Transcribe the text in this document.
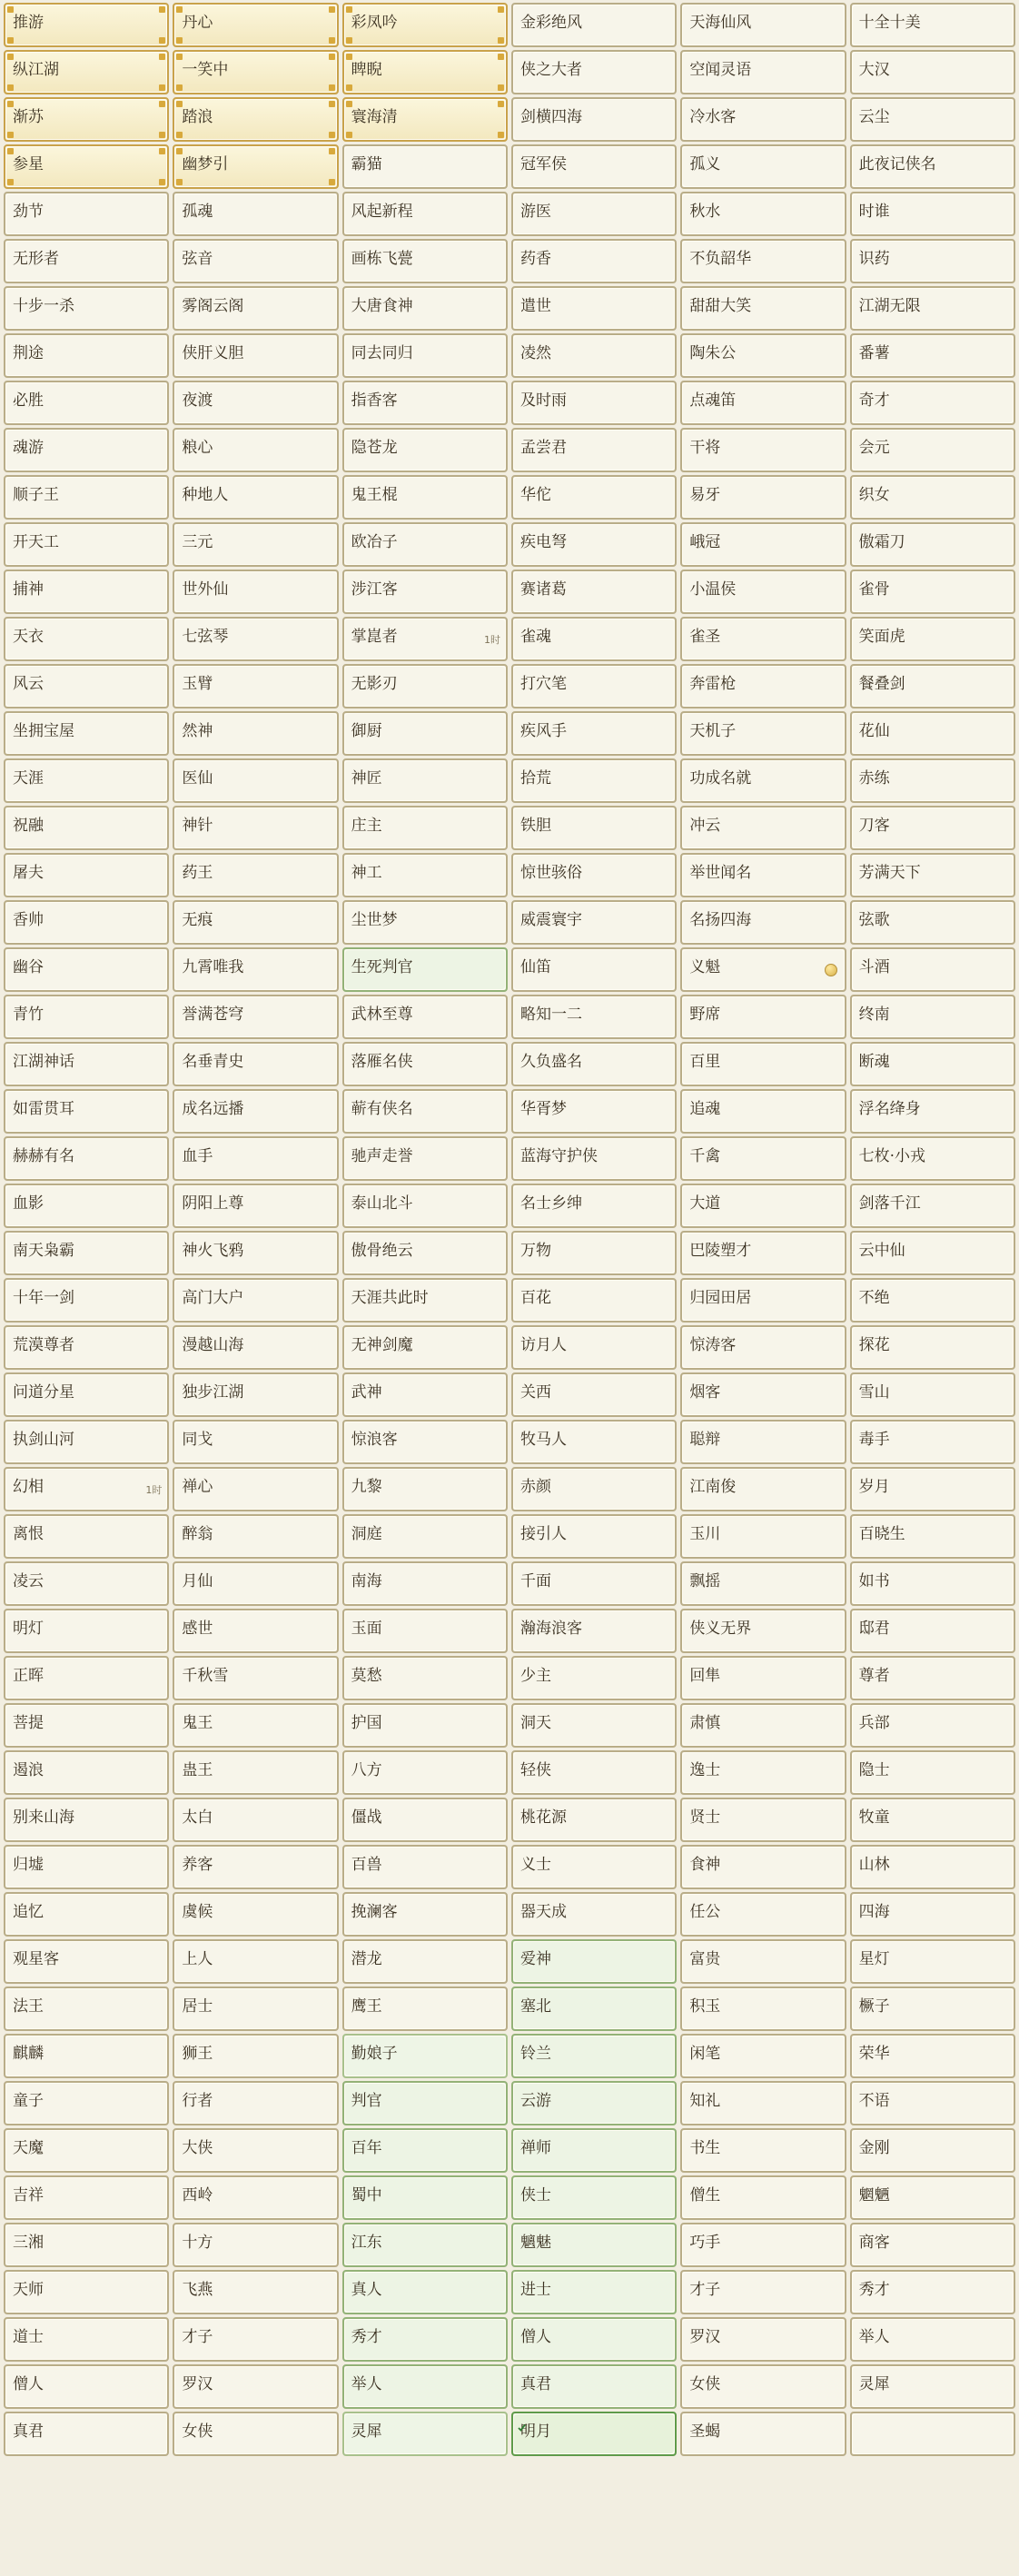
推游	丹心	彩凤吟	金彩绝风	天海仙风	十全十美

纵江湖	一笑中	睥睨	侠之大者	空闻灵语	大汉

渐苏	踏浪	寰海清	剑横四海	冷水客	云尘

参星	幽梦引	霸猫	冠军侯	孤义	此夜记侠名
劲节	孤魂	风起新程	游医	秋水	时谁
无形者	弦音	画栋飞甍	药香	不负韶华	识药
十步一杀	雾阁云阁	大唐食神	遣世	甜甜大笑	江湖无限
荆途	侠肝义胆	同去同归	凌然	陶朱公	番薯
必胜	夜渡	指香客	及时雨	点魂笛	奇才
魂游	粮心	隐苍龙	孟尝君	干将	会元
顺子王	种地人	鬼王棍	华佗	易牙	织女
开天工	三元	欧冶子	疾电弩	峨冠	傲霜刀
捕神	世外仙	涉江客	赛诸葛	小温侯	雀骨
天衣	七弦琴	掌崑者 1时	雀魂	雀圣	笑面虎
风云	玉臂	无影刃	打穴笔	奔雷枪	餐叠剑
坐拥宝屋	然神	御厨	疾风手	天机子	花仙
天涯	医仙	神匠	拾荒	功成名就	赤练
祝融	神针	庄主	铁胆	冲云	刀客
屠夫	药王	神工	惊世骇俗	举世闻名	芳满天下
香帅	无痕	尘世梦	威震寰宇	名扬四海	弦歌
幽谷	九霄唯我	生死判官	仙笛	义魁	斗酒
青竹	誉满苍穹	武林至尊	略知一二	野席	终南
江湖神话	名垂青史	落雁名侠	久负盛名	百里	断魂
如雷贯耳	成名远播	蕲有侠名	华胥梦	追魂	浮名绛身
赫赫有名	血手	驰声走誉	蓝海守护侠	千禽	七枚·小戎
血影	阴阳上尊	泰山北斗	名士乡绅	大道	剑落千江
南天枭霸	神火飞鸦	傲骨绝云	万物	巴陵塑才	云中仙
十年一剑	高门大户	天涯共此时	百花	归园田居	不绝
荒漠尊者	漫越山海	无神剑魔	访月人	惊涛客	探花
问道分星	独步江湖	武神	关西	烟客	雪山
执剑山河	同戈	惊浪客	牧马人	聪辩	毒手
幻相 1时	禅心	九黎	赤颜	江南俊	岁月
离恨	醉翁	洞庭	接引人	玉川	百晓生
凌云	月仙	南海	千面	飘摇	如书
明灯	感世	玉面	瀚海浪客	侠义无界	邸君
正晖	千秋雪	莫愁	少主	回隼	尊者
菩提	鬼王	护国	洞天	肃慎	兵部
遏浪	蛊王	八方	轻侠	逸士	隐士
别来山海	太白	僵战	桃花源	贤士	牧童
归墟	养客	百兽	义士	食神	山林
追忆	虞候	挽澜客	器天成	任公	四海
观星客	上人	潜龙	爱神	富贵	星灯
法王	居士	鹰王	塞北	积玉	橛子
麒麟	狮王	勤娘子	铃兰	闲笔	荣华
童子	行者	判官	云游	知礼	不语
天魔	大侠	百年	禅师	书生	金刚
吉祥	西岭	蜀中	侠士	僧生	魍魉
三湘	十方	江东	魑魅	巧手	商客
天师	飞燕	真人	进士	才子	秀才
道士	才子	秀才	僧人	罗汉	举人
僧人	罗汉	举人	真君	女侠	灵犀
真君	女侠	灵犀	明月	圣蝎	
